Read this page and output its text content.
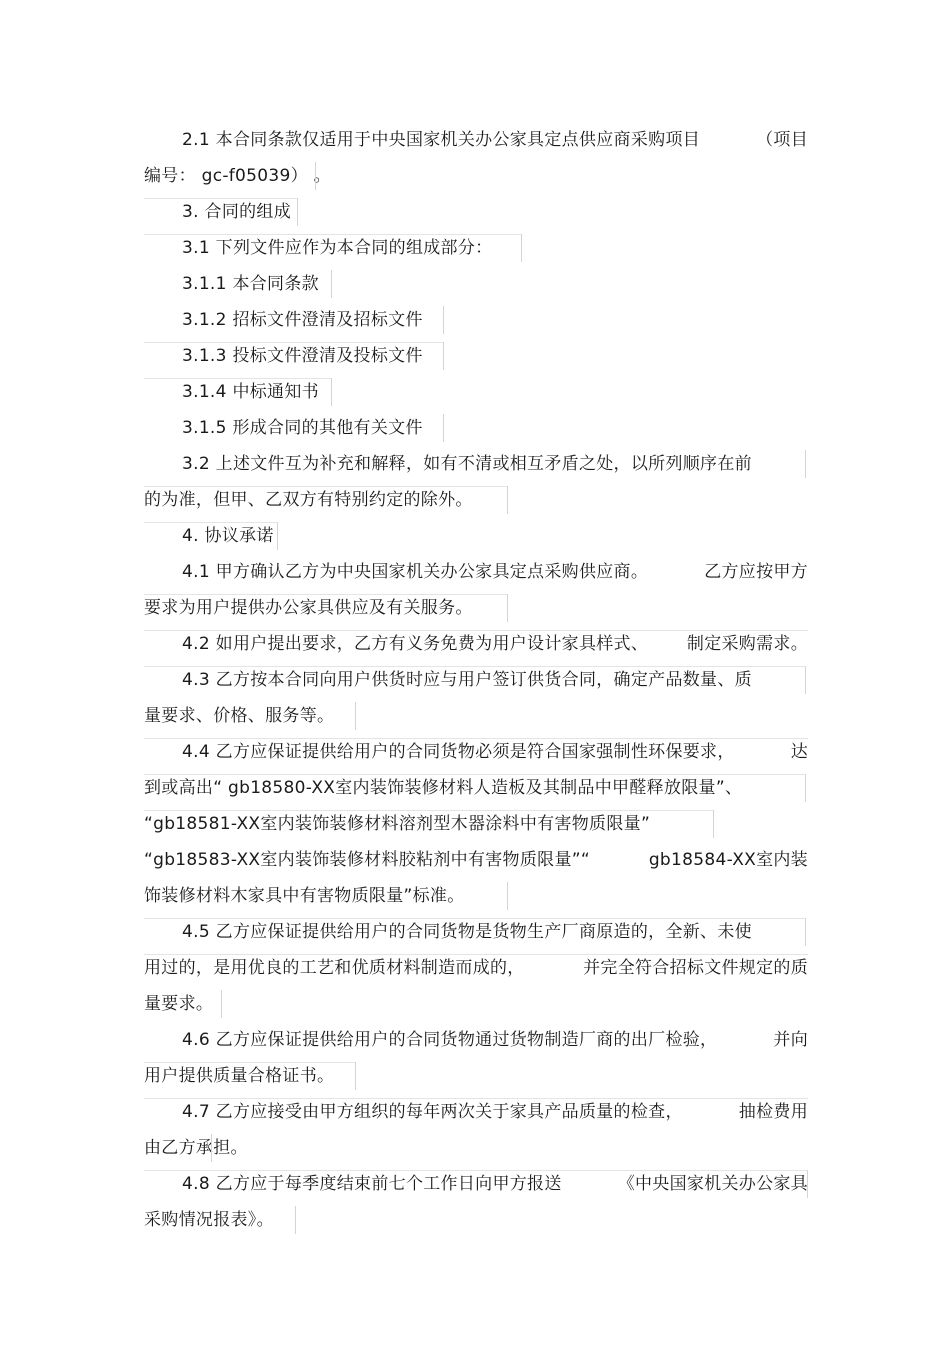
2.1 本合同条款仅适用于中央国家机关办公家具定点供应商采购项目	（项目
编号： gc-f05039） 。
3. 合同的组成
3.1 下列文件应作为本合同的组成部分：
3.1.1 本合同条款
3.1.2 招标文件澄清及招标文件
3.1.3 投标文件澄清及投标文件
3.1.4 中标通知书
3.1.5 形成合同的其他有关文件
3.2 上述文件互为补充和解释，如有不清或相互矛盾之处，以所列顺序在前
的为准，但甲、乙双方有特别约定的除外。
4. 协议承诺
4.1 甲方确认乙方为中央国家机关办公家具定点采购供应商。	乙方应按甲方
要求为用户提供办公家具供应及有关服务。
4.2 如用户提出要求，乙方有义务免费为用户设计家具样式、 制定采购需求。
4.3 乙方按本合同向用户供货时应与用户签订供货合同，确定产品数量、质
量要求、价格、服务等。
4.4 乙方应保证提供给用户的合同货物必须是符合国家强制性环保要求，	达
到或高出“ gb18580-XX室内装饰装修材料人造板及其制品中甲醛释放限量”、
“gb18581-XX室内装饰装修材料溶剂型木器涂料中有害物质限量”
“gb18583-XX室内装饰装修材料胶粘剂中有害物质限量”“	gb18584-XX室内装
饰装修材料木家具中有害物质限量”标准。
4.5 乙方应保证提供给用户的合同货物是货物生产厂商原造的，全新、未使
用过的，是用优良的工艺和优质材料制造而成的，	并完全符合招标文件规定的质
量要求。
4.6 乙方应保证提供给用户的合同货物通过货物制造厂商的出厂检验，	并向
用户提供质量合格证书。
4.7 乙方应接受由甲方组织的每年两次关于家具产品质量的检查，	抽检费用
由乙方承担。
4.8 乙方应于每季度结束前七个工作日向甲方报送	《中央国家机关办公家具
采购情况报表》。
